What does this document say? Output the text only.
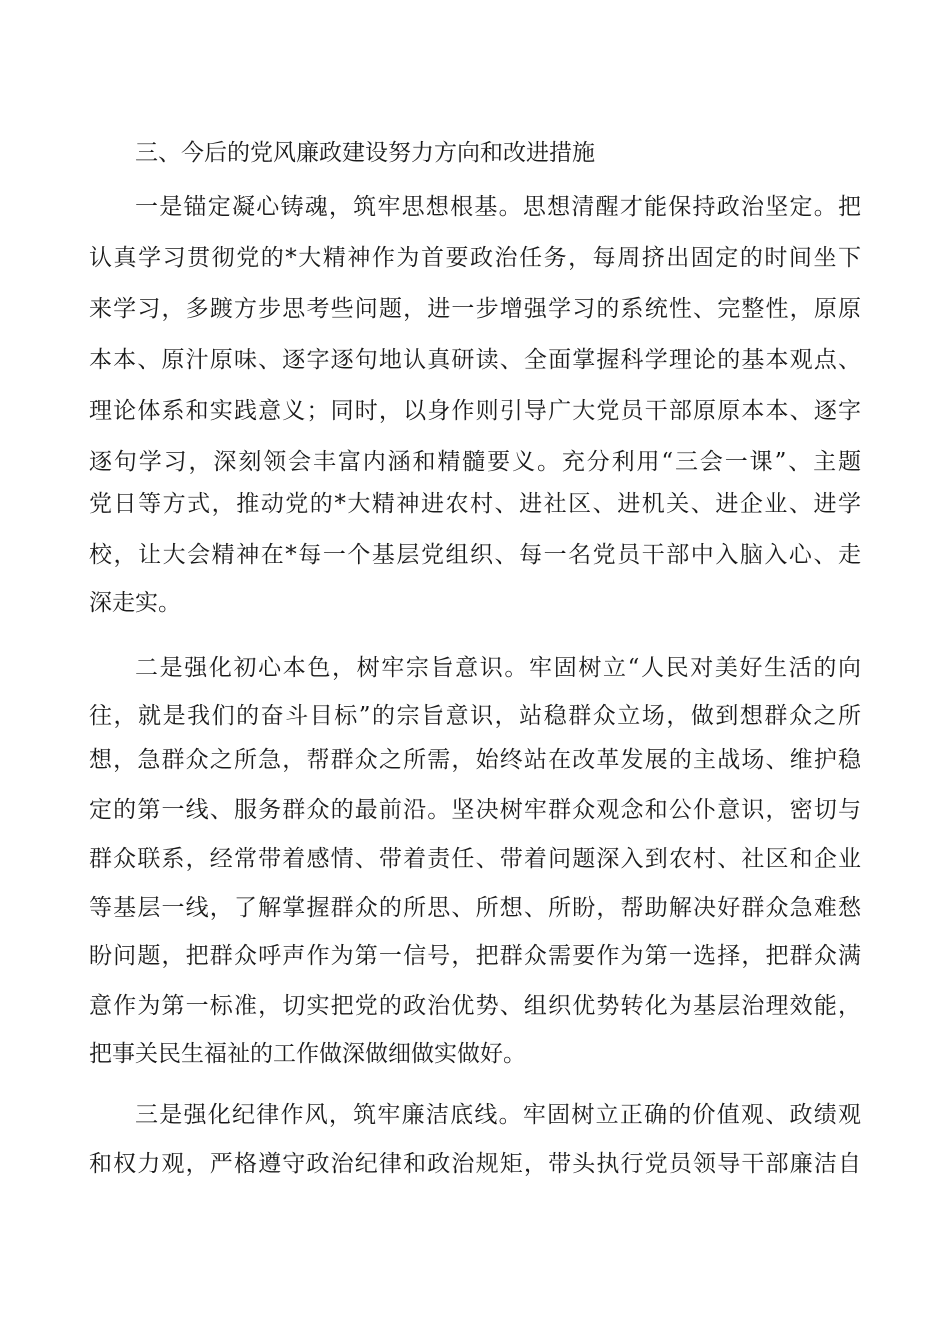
三、今后的党风廉政建设努力方向和改进措施
一是锚定凝心铸魂，筑牢思想根基。思想清醒才能保持政治坚定。把
认真学习贯彻党的*大精神作为首要政治任务，每周挤出固定的时间坐下
来学习，多踱方步思考些问题，进一步增强学习的系统性、完整性，原原
本本、原汁原味、逐字逐句地认真研读、全面掌握科学理论的基本观点、
理论体系和实践意义；同时，以身作则引导广大党员干部原原本本、逐字
逐句学习，深刻领会丰富内涵和精髓要义。充分利用“三会一课”、主题
党日等方式，推动党的*大精神进农村、进社区、进机关、进企业、进学
校，让大会精神在*每一个基层党组织、每一名党员干部中入脑入心、走
深走实。
二是强化初心本色，树牢宗旨意识。牢固树立“人民对美好生活的向
往，就是我们的奋斗目标”的宗旨意识，站稳群众立场，做到想群众之所
想，急群众之所急，帮群众之所需，始终站在改革发展的主战场、维护稳
定的第一线、服务群众的最前沿。坚决树牢群众观念和公仆意识，密切与
群众联系，经常带着感情、带着责任、带着问题深入到农村、社区和企业
等基层一线，了解掌握群众的所思、所想、所盼，帮助解决好群众急难愁
盼问题，把群众呼声作为第一信号，把群众需要作为第一选择，把群众满
意作为第一标准，切实把党的政治优势、组织优势转化为基层治理效能，
把事关民生福祉的工作做深做细做实做好。
三是强化纪律作风，筑牢廉洁底线。牢固树立正确的价值观、政绩观
和权力观，严格遵守政治纪律和政治规矩，带头执行党员领导干部廉洁自
